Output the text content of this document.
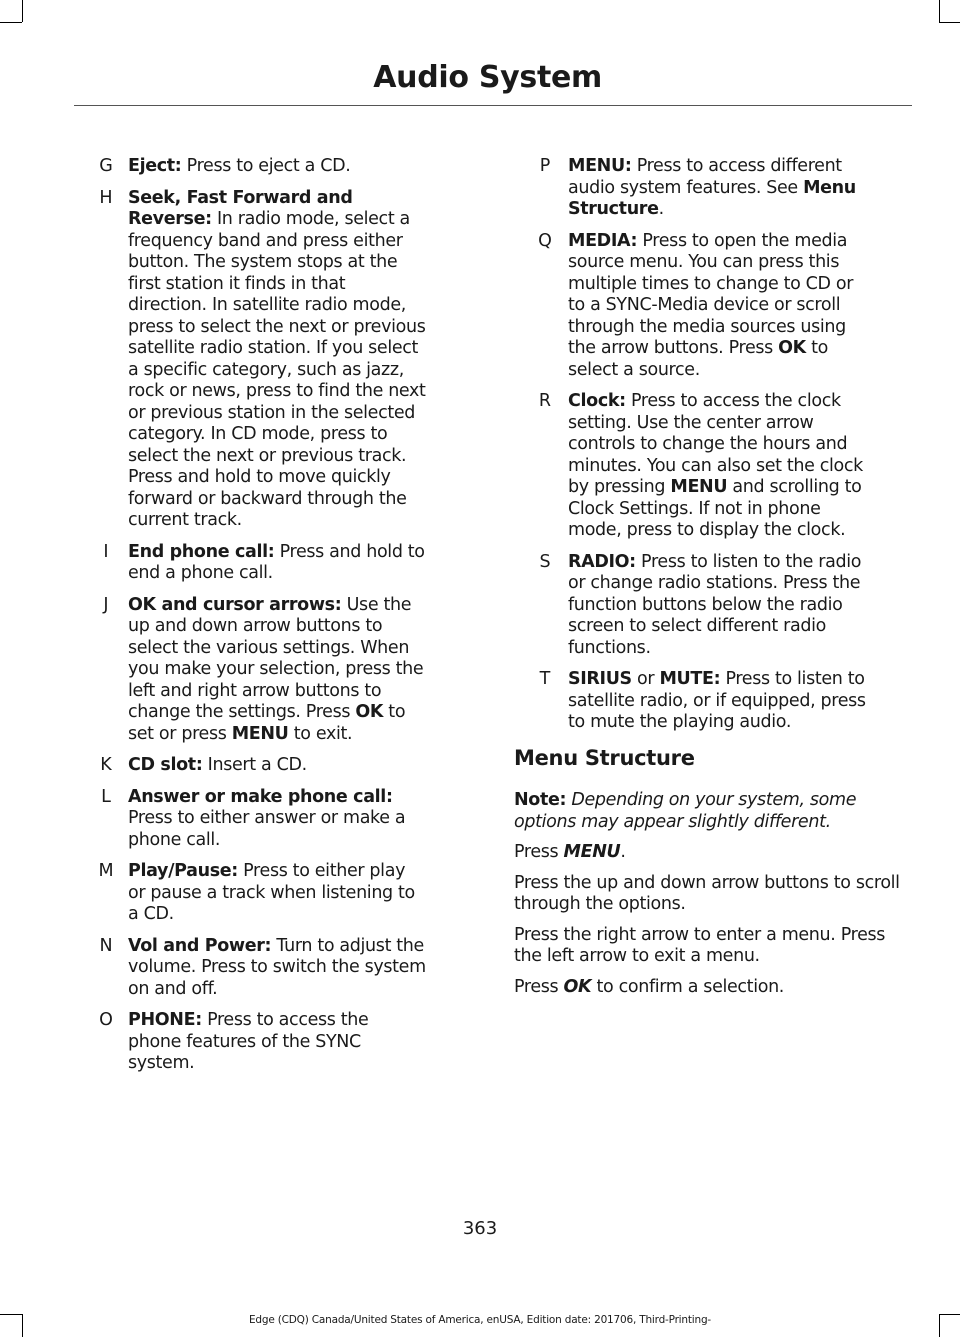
Audio System
G Eject: Press to eject a CD.
H Seek, Fast Forward and Reverse: In radio mode, select a frequency band and press either button. The system stops at the first station it finds in that direction. In satellite radio mode, press to select the next or previous satellite radio station. If you select a specific category, such as jazz, rock or news, press to find the next or previous station in the selected category. In CD mode, press to select the next or previous track. Press and hold to move quickly forward or backward through the current track.
I	End phone call: Press and hold to end a phone call.
J	OK and cursor arrows: Use the up and down arrow buttons to select the various settings. When you make your selection, press the left and right arrow buttons to change the settings. Press OK to set or press MENU to exit.
K CD slot: Insert a CD.
L Answer or make phone call: Press to either answer or make a phone call.
M Play/Pause: Press to either play or pause a track when listening to a CD.
N Vol and Power: Turn to adjust the volume. Press to switch the system on and off.
O PHONE: Press to access the phone features of the SYNC system.
P	MENU: Press to access different audio system features. See Menu Structure.
Q MEDIA: Press to open the media source menu. You can press this multiple times to change to CD or to a SYNC-Media device or scroll through the media sources using the arrow buttons. Press OK to select a source.
R Clock: Press to access the clock setting. Use the center arrow controls to change the hours and minutes. You can also set the clock by pressing MENU and scrolling to Clock Settings. If not in phone mode, press to display the clock.
S RADIO: Press to listen to the radio or change radio stations. Press the function buttons below the radio screen to select different radio functions.
T	SIRIUS or MUTE: Press to listen to satellite radio, or if equipped, press to mute the playing audio.
Menu Structure

Note: Depending on your system, some options may appear slightly different.

Press MENU.

Press the up and down arrow buttons to scroll through the options.

Press the right arrow to enter a menu. Press the left arrow to exit a menu.

Press OK to confirm a selection.

363
Edge (CDQ) Canada/United States of America, enUSA, Edition date: 201706, Third-Printing-
